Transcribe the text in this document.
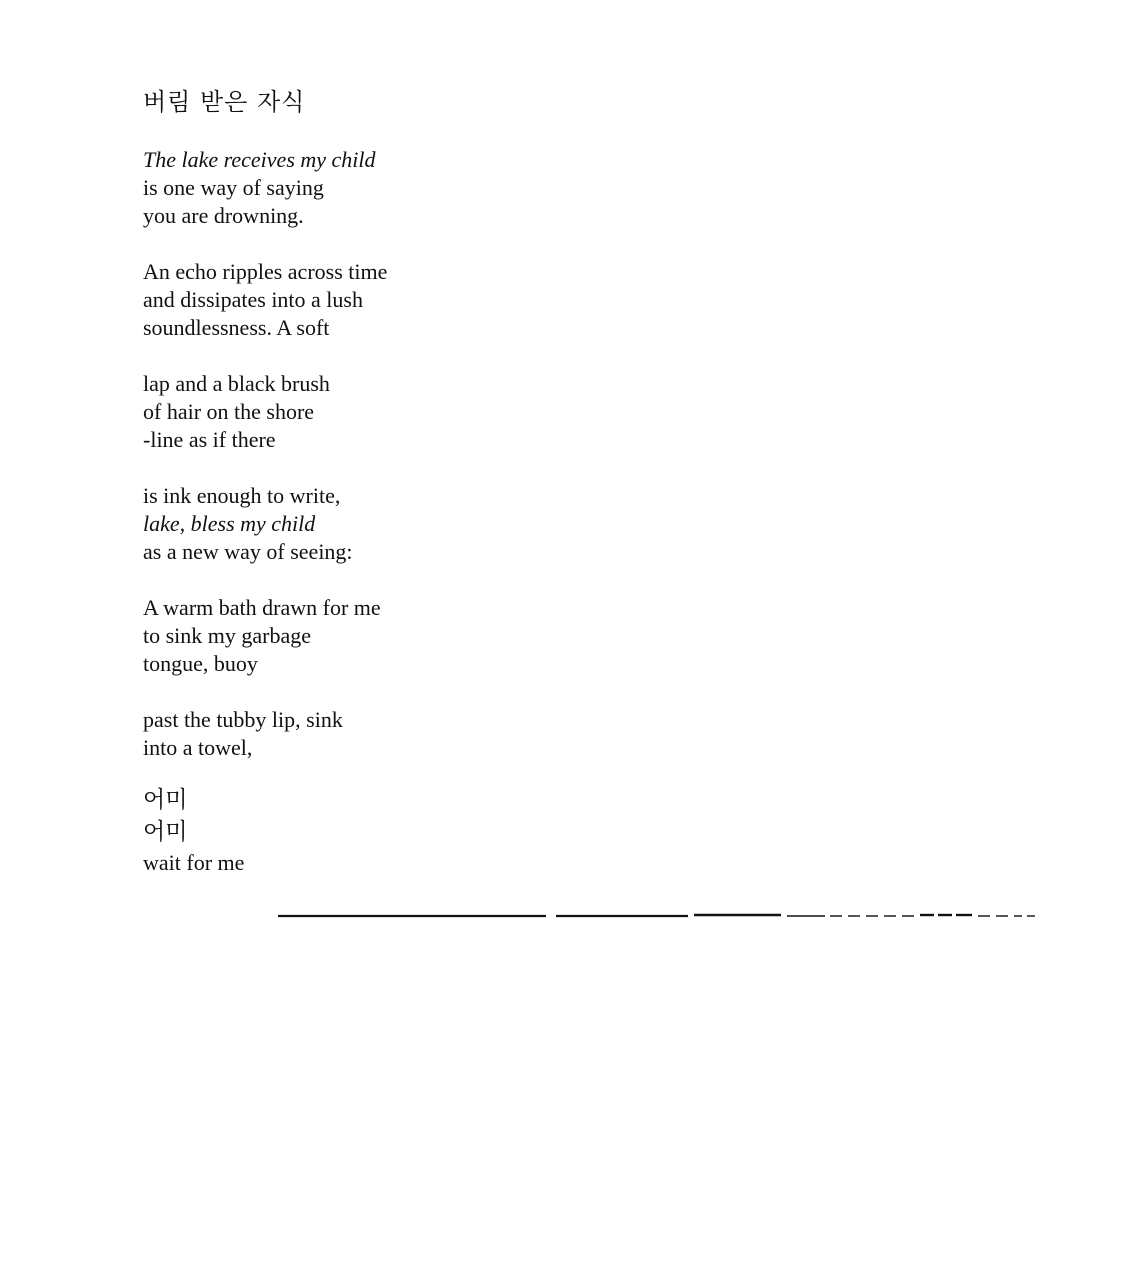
버림 받은 자식
The lake receives my child
is one way of saying
you are drowning.
An echo ripples across time
and dissipates into a lush
soundlessness. A soft
lap and a black brush
of hair on the shore
-line as if there
is ink enough to write,
lake, bless my child
as a new way of seeing:
A warm bath drawn for me
to sink my garbage
tongue, buoy
past the tubby lip, sink
into a towel,
어미
어미
wait for me
